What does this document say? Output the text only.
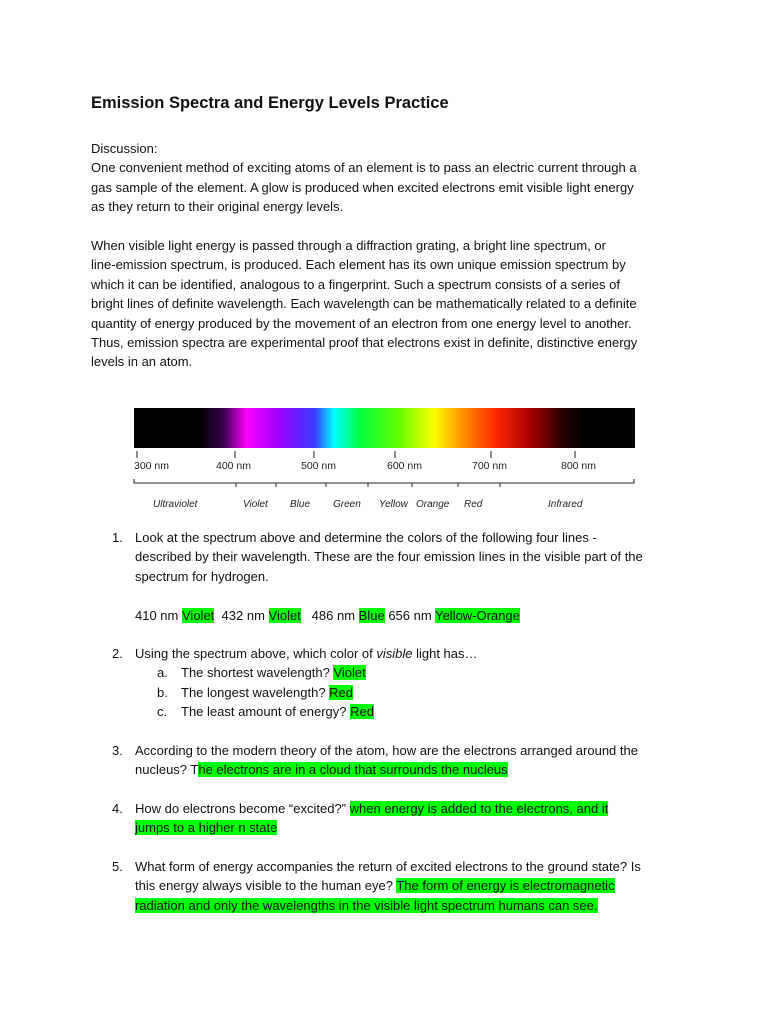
Emission Spectra and Energy Levels Practice
Discussion:
One convenient method of exciting atoms of an element is to pass an electric current through a
gas sample of the element. A glow is produced when excited electrons emit visible light energy
as they return to their original energy levels.
When visible light energy is passed through a diffraction grating, a bright line spectrum, or
line-emission spectrum, is produced. Each element has its own unique emission spectrum by
which it can be identified, analogous to a fingerprint. Such a spectrum consists of a series of
bright lines of definite wavelength. Each wavelength can be mathematically related to a definite
quantity of energy produced by the movement of an electron from one energy level to another.
Thus, emission spectra are experimental proof that electrons exist in definite, distinctive energy
levels in an atom.
300 nm	400 nm	500 nm	600 nm	700 nm	800 nm
Ultraviolet	Violet Blue Green Yellow Orange Red	Infrared
1. Look at the spectrum above and determine the colors of the following four lines -
described by their wavelength. These are the four emission lines in the visible part of the
spectrum for hydrogen.

410 nm Violet 432 nm Violet 486 nm Blue 656 nm Yellow-Orange
2. Using the spectrum above, which color of visible light has…
a. The shortest wavelength? Violet
b. The longest wavelength? Red
c. The least amount of energy? Red
3. According to the modern theory of the atom, how are the electrons arranged around the
nucleus? The electrons are in a cloud that surrounds the nucleus
4. How do electrons become “excited?” when energy is added to the electrons, and it
jumps to a higher n state
5. What form of energy accompanies the return of excited electrons to the ground state? Is
this energy always visible to the human eye? The form of energy is electromagnetic
radiation and only the wavelengths in the visible light spectrum humans can see.
